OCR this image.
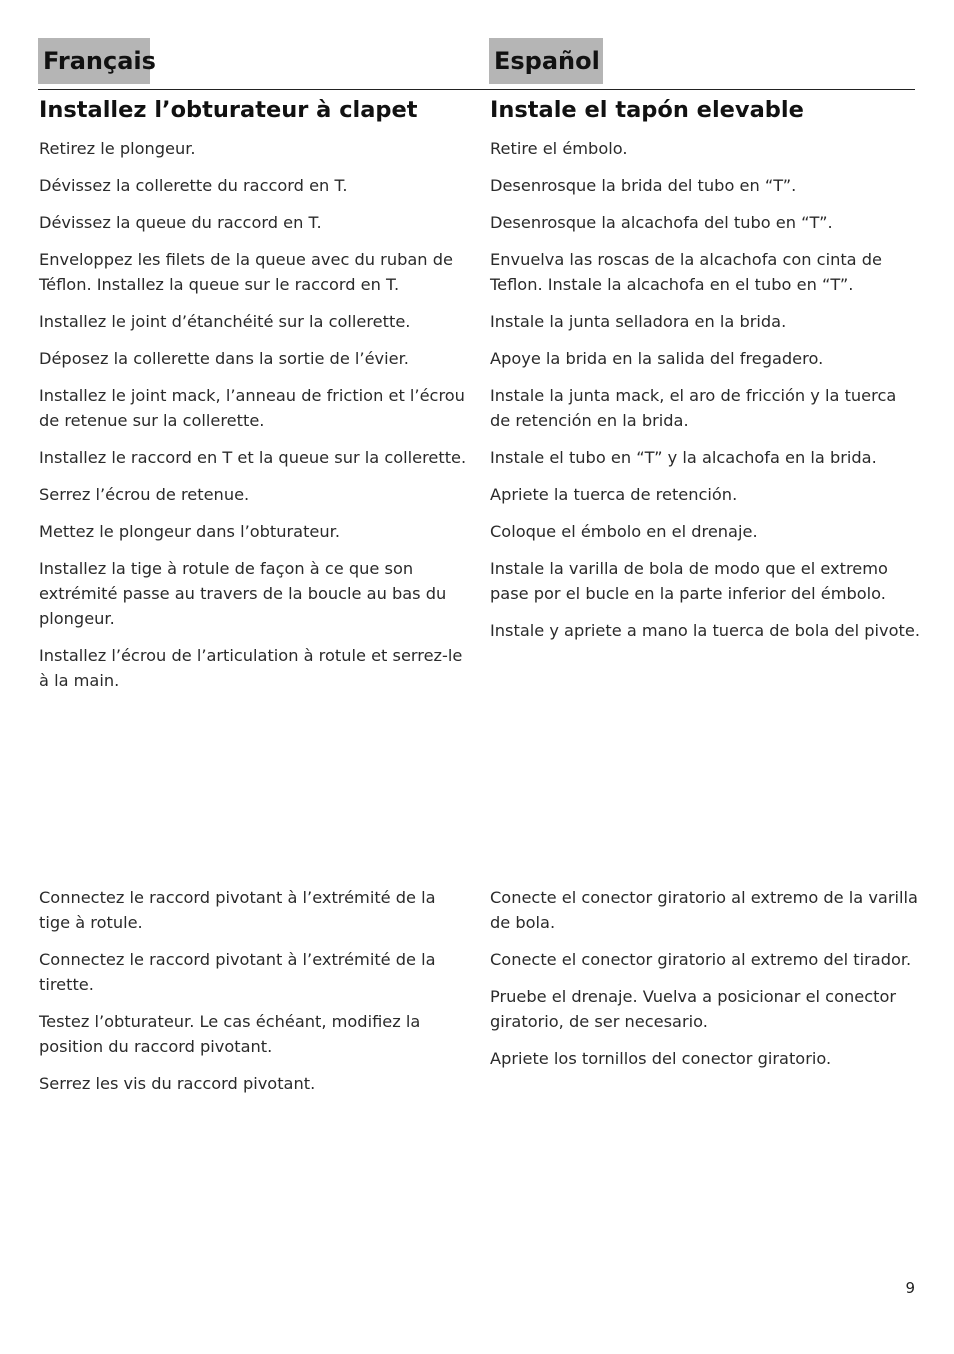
Français	Español
Installez l’obturateur à clapet	Instale el tapón elevable

Retirez le plongeur.

Dévissez la collerette du raccord en T.

Dévissez la queue du raccord en T.

Enveloppez les filets de la queue avec du ruban de Téflon. Installez la queue sur le raccord en T.

Installez le joint d’étanchéité sur la collerette.

Déposez la collerette dans la sortie de l’évier.

Installez le joint mack, l’anneau de friction et l’écrou de retenue sur la collerette.

Installez le raccord en T et la queue sur la collerette.

Serrez l’écrou de retenue.

Mettez le plongeur dans l’obturateur.

Installez la tige à rotule de façon à ce que son extrémité passe au travers de la boucle au bas du plongeur.

Installez l’écrou de l’articulation à rotule et serrez-le à la main.

Retire el émbolo.

Desenrosque la brida del tubo en “T”.

Desenrosque la alcachofa del tubo en “T”.

Envuelva las roscas de la alcachofa con cinta de Teflon. Instale la alcachofa en el tubo en “T”.

Instale la junta selladora en la brida.

Apoye la brida en la salida del fregadero.

Instale la junta mack, el aro de fricción y la tuerca de retención en la brida.

Instale el tubo en “T” y la alcachofa en la brida.

Apriete la tuerca de retención.

Coloque el émbolo en el drenaje.

Instale la varilla de bola de modo que el extremo pase por el bucle en la parte inferior del émbolo.

Instale y apriete a mano la tuerca de bola del pivote.

Connectez le raccord pivotant à l’extrémité de la tige à rotule.

Connectez le raccord pivotant à l’extrémité de la tirette.

Testez l’obturateur. Le cas échéant, modifiez la position du raccord pivotant.

Serrez les vis du raccord pivotant.

Conecte el conector giratorio al extremo de la varilla de bola.

Conecte el conector giratorio al extremo del tirador.

Pruebe el drenaje. Vuelva a posicionar el conector giratorio, de ser necesario.

Apriete los tornillos del conector giratorio.

9
